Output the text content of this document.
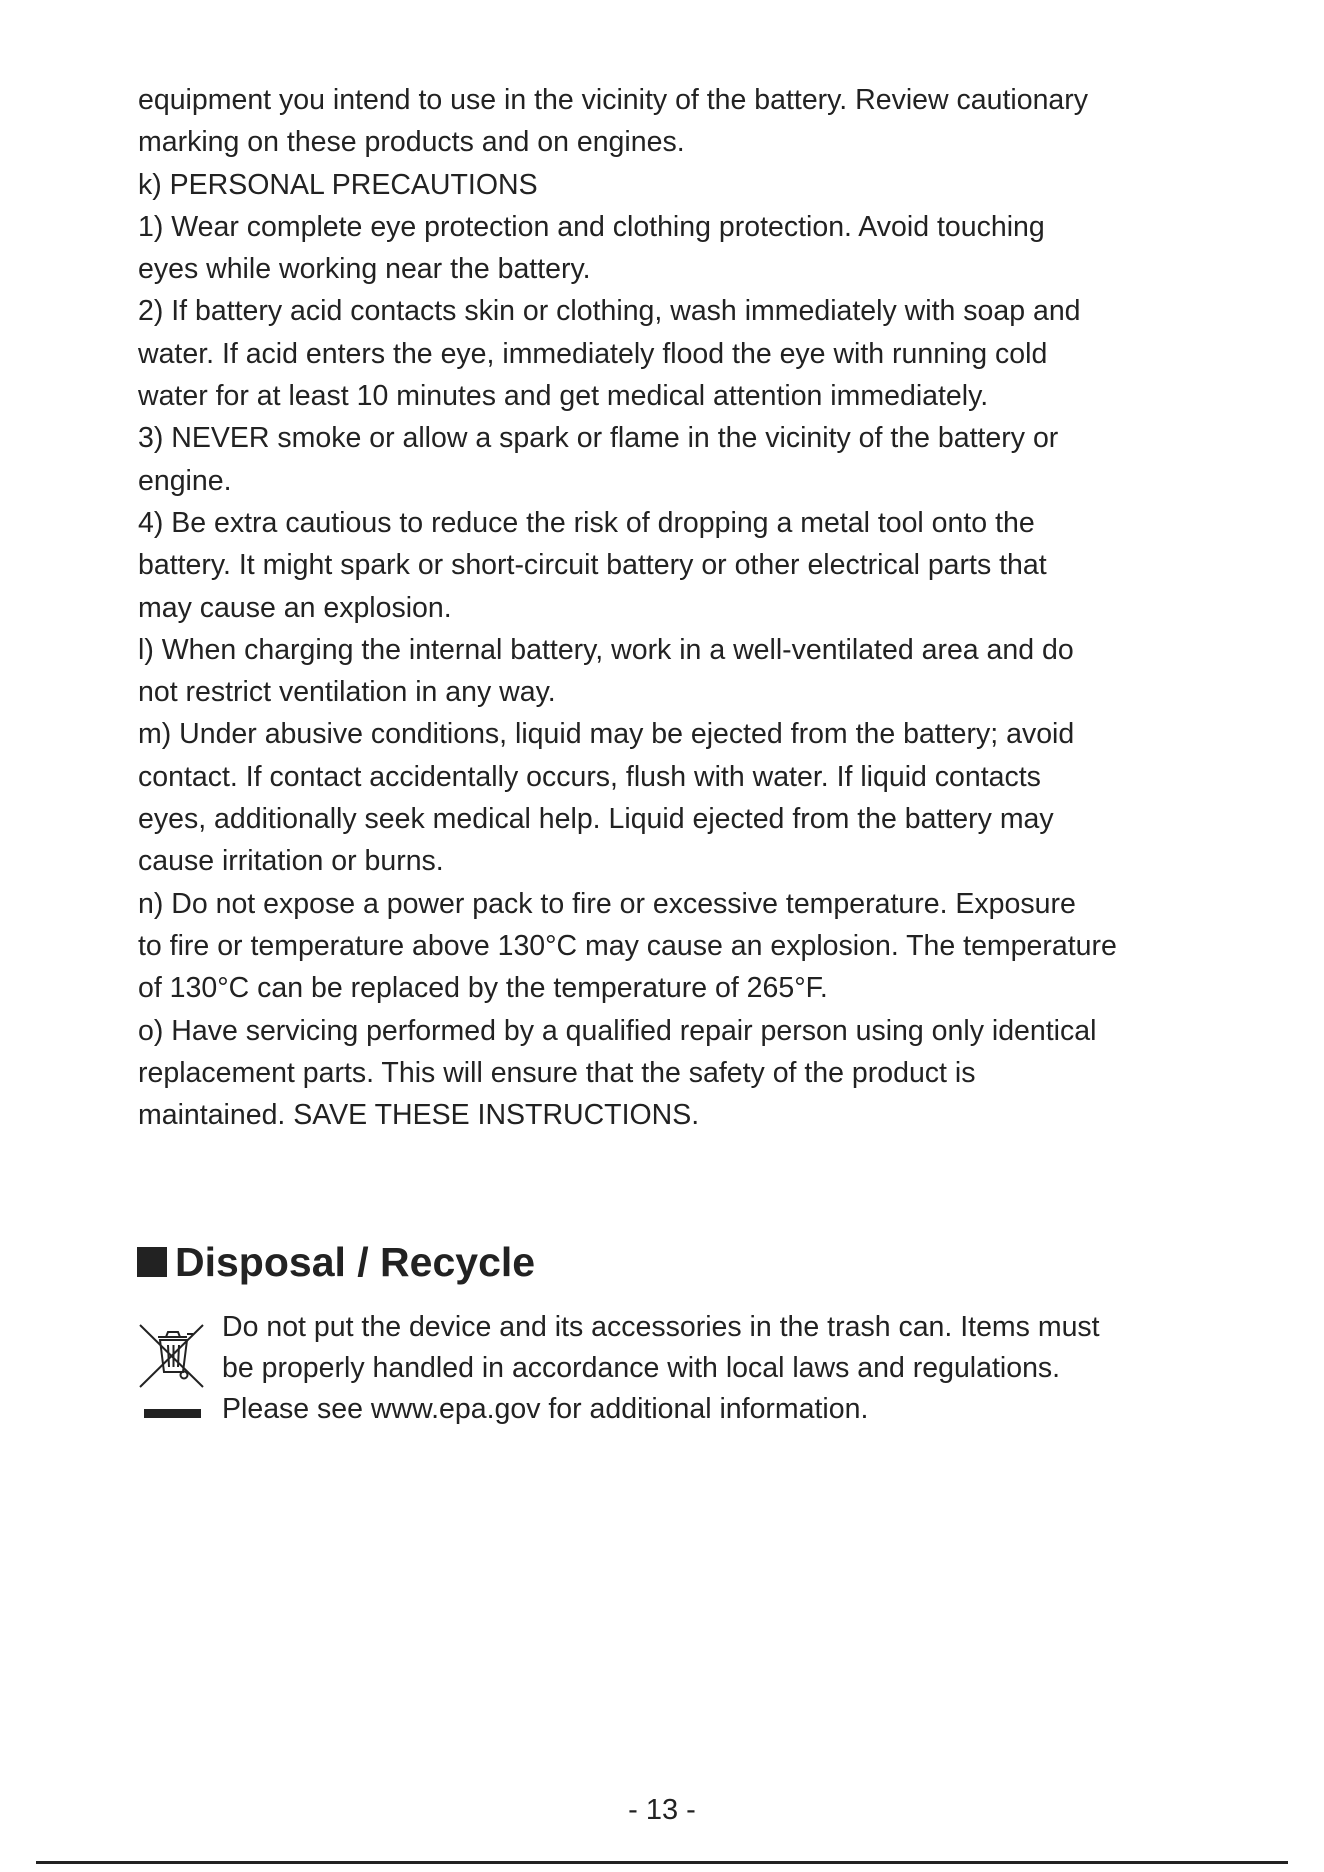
equipment you intend to use in the vicinity of the battery. Review cautionary

marking on these products and on engines.

k) PERSONAL PRECAUTIONS

1) Wear complete eye protection and clothing protection. Avoid touching

eyes while working near the battery.

2) If battery acid contacts skin or clothing, wash immediately with soap and

water. If acid enters the eye, immediately flood the eye with running cold

water for at least 10 minutes and get medical attention immediately.

3) NEVER smoke or allow a spark or flame in the vicinity of the battery or

engine.

4) Be extra cautious to reduce the risk of dropping a metal tool onto the

battery. It might spark or short-circuit battery or other electrical parts that

may cause an explosion.

l) When charging the internal battery, work in a well-ventilated area and do

not restrict ventilation in any way.

m) Under abusive conditions, liquid may be ejected from the battery; avoid

contact. If contact accidentally occurs, flush with water. If liquid contacts

eyes, additionally seek medical help. Liquid ejected from the battery may

cause irritation or burns.

n) Do not expose a power pack to fire or excessive temperature. Exposure

to fire or temperature above 130°C may cause an explosion. The temperature

of 130°C can be replaced by the temperature of 265°F.

o) Have servicing performed by a qualified repair person using only identical

replacement parts. This will ensure that the safety of the product is

maintained. SAVE THESE INSTRUCTIONS.

Disposal / Recycle

Do not put the device and its accessories in the trash can. Items must

be properly handled in accordance with local laws and regulations.

Please see www.epa.gov for additional information.

- 13 -
